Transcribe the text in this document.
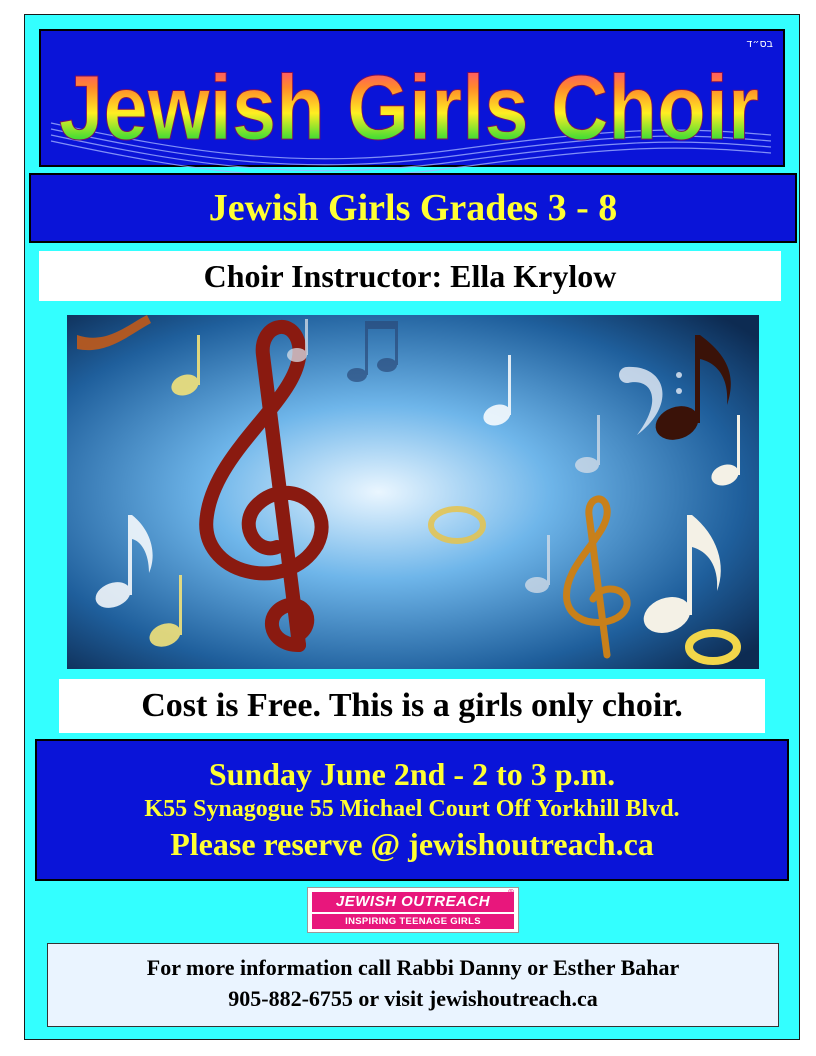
Jewish Girls Choir
בס״ד
Jewish Girls Grades 3 - 8
Choir Instructor: Ella Krylow
Cost is Free. This is a girls only choir.
Sunday June 2nd - 2 to 3 p.m.
K55 Synagogue 55 Michael Court Off Yorkhill Blvd.
Please reserve @ jewishoutreach.ca
JEWISH OUTREACH
®
INSPIRING TEENAGE GIRLS
For more information call Rabbi Danny or Esther Bahar
905-882-6755 or visit jewishoutreach.ca
